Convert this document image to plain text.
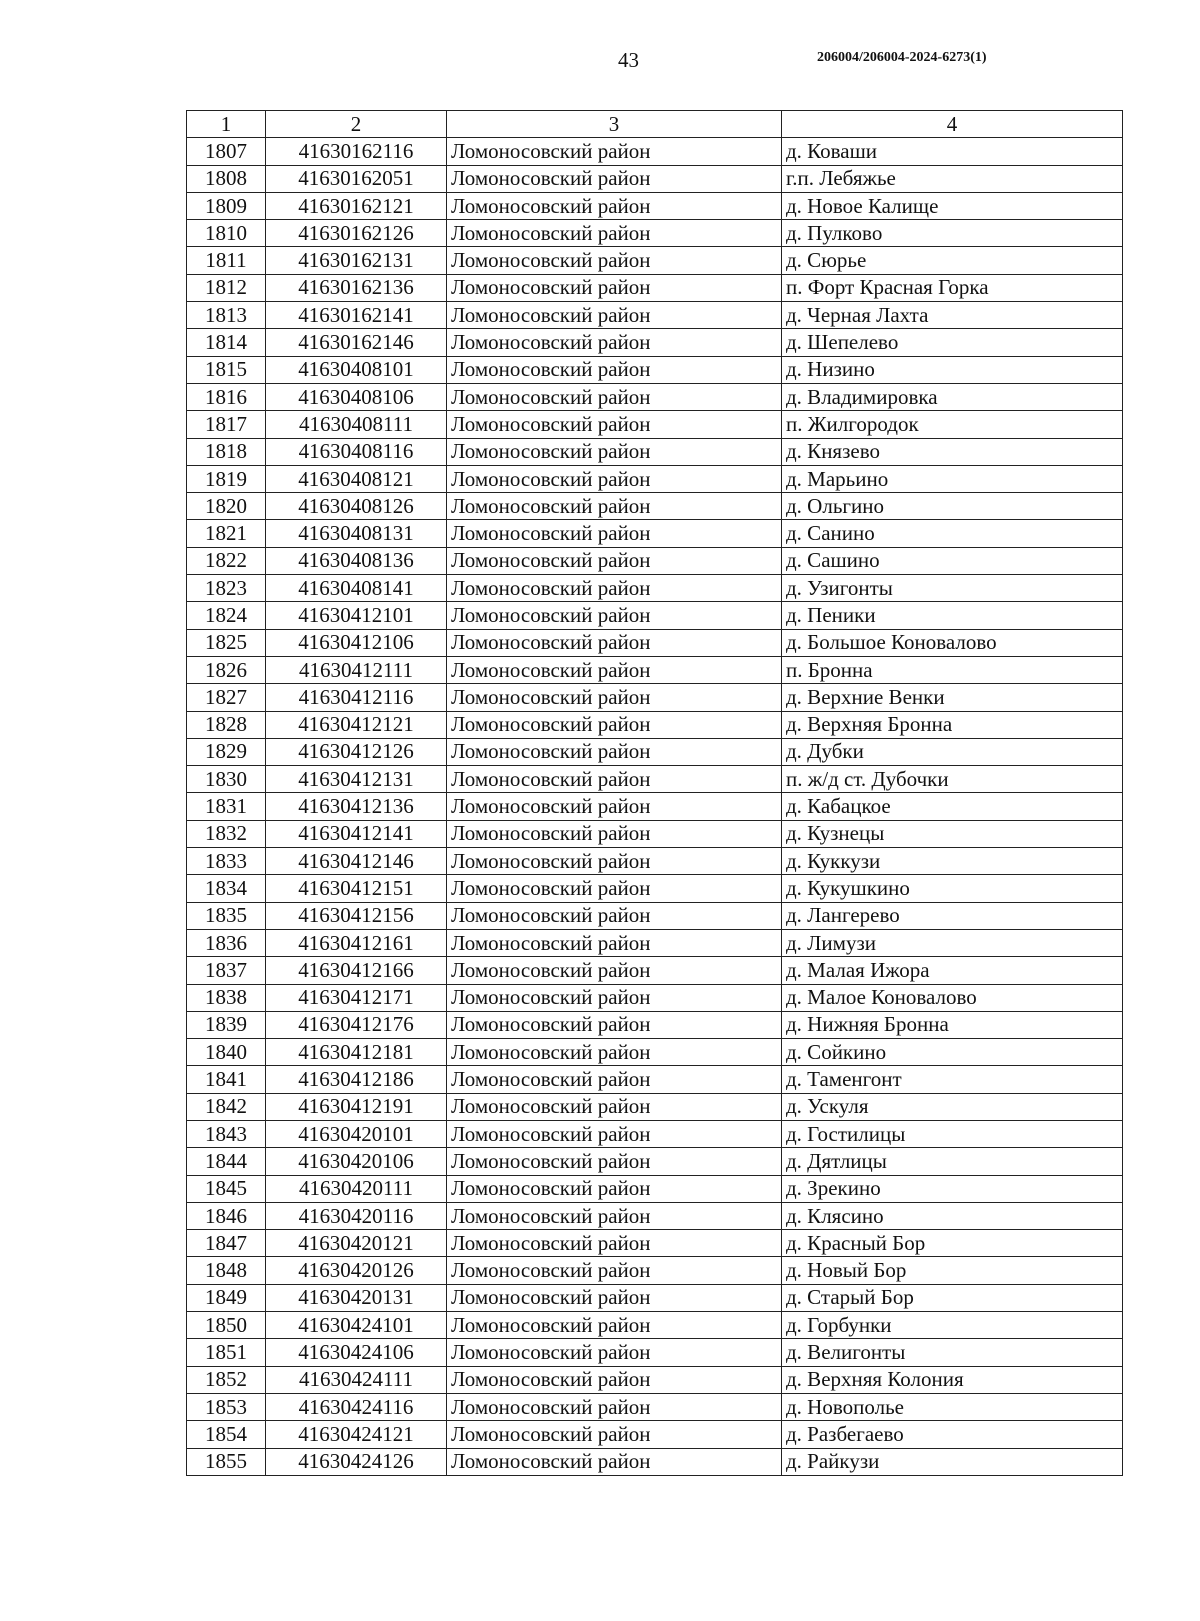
43	206004/206004-2024-6273(1)
1	2	3	4
1807	41630162116	Ломоносовский район	д. Коваши
1808	41630162051	Ломоносовский район	г.п. Лебяжье
1809	41630162121	Ломоносовский район	д. Новое Калище
1810	41630162126	Ломоносовский район	д. Пулково
1811	41630162131	Ломоносовский район	д. Сюрье
1812	41630162136	Ломоносовский район	п. Форт Красная Горка
1813	41630162141	Ломоносовский район	д. Черная Лахта
1814	41630162146	Ломоносовский район	д. Шепелево
1815	41630408101	Ломоносовский район	д. Низино
1816	41630408106	Ломоносовский район	д. Владимировка
1817	41630408111	Ломоносовский район	п. Жилгородок
1818	41630408116	Ломоносовский район	д. Князево
1819	41630408121	Ломоносовский район	д. Марьино
1820	41630408126	Ломоносовский район	д. Ольгино
1821	41630408131	Ломоносовский район	д. Санино
1822	41630408136	Ломоносовский район	д. Сашино
1823	41630408141	Ломоносовский район	д. Узигонты
1824	41630412101	Ломоносовский район	д. Пеники
1825	41630412106	Ломоносовский район	д. Большое Коновалово
1826	41630412111	Ломоносовский район	п. Бронна
1827	41630412116	Ломоносовский район	д. Верхние Венки
1828	41630412121	Ломоносовский район	д. Верхняя Бронна
1829	41630412126	Ломоносовский район	д. Дубки
1830	41630412131	Ломоносовский район	п. ж/д ст. Дубочки
1831	41630412136	Ломоносовский район	д. Кабацкое
1832	41630412141	Ломоносовский район	д. Кузнецы
1833	41630412146	Ломоносовский район	д. Куккузи
1834	41630412151	Ломоносовский район	д. Кукушкино
1835	41630412156	Ломоносовский район	д. Лангерево
1836	41630412161	Ломоносовский район	д. Лимузи
1837	41630412166	Ломоносовский район	д. Малая Ижора
1838	41630412171	Ломоносовский район	д. Малое Коновалово
1839	41630412176	Ломоносовский район	д. Нижняя Бронна
1840	41630412181	Ломоносовский район	д. Сойкино
1841	41630412186	Ломоносовский район	д. Таменгонт
1842	41630412191	Ломоносовский район	д. Ускуля
1843	41630420101	Ломоносовский район	д. Гостилицы
1844	41630420106	Ломоносовский район	д. Дятлицы
1845	41630420111	Ломоносовский район	д. Зрекино
1846	41630420116	Ломоносовский район	д. Клясино
1847	41630420121	Ломоносовский район	д. Красный Бор
1848	41630420126	Ломоносовский район	д. Новый Бор
1849	41630420131	Ломоносовский район	д. Старый Бор
1850	41630424101	Ломоносовский район	д. Горбунки
1851	41630424106	Ломоносовский район	д. Велигонты
1852	41630424111	Ломоносовский район	д. Верхняя Колония
1853	41630424116	Ломоносовский район	д. Новополье
1854	41630424121	Ломоносовский район	д. Разбегаево
1855	41630424126	Ломоносовский район	д. Райкузи
